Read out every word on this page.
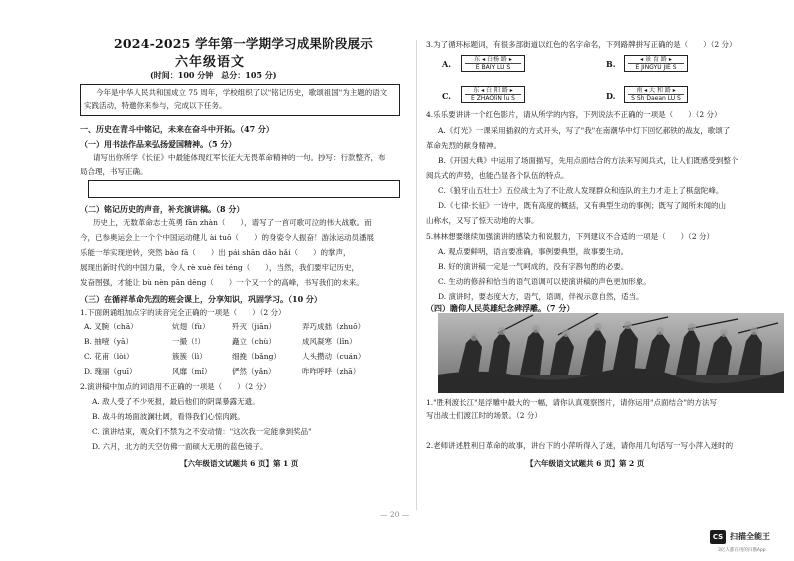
2024-2025 学年第一学期学习成果阶段展示
六年级语文
(时间：100 分钟　总分：105 分)
今年是中华人民共和国成立 75 周年，学校组织了以"铭记历史，歌颂祖国"为主题的语文
实践活动，特邀你来参与，完成以下任务。
一、历史在青斗中铭记，未来在奋斗中开拓。（47 分）
（一）用书法作品来弘扬爱国精神。（5 分）
请写出你所学《长征》中最能体现红军长征大无畏革命精神的一句。抄写：行款整齐，布
局合理，书写正确。
（二）铭记历史的声音，补充演讲稿。（8 分）
历史上，无数革命志士英勇 fān zhàn（　　），谱写了一首可歌可泣的伟大战歌。而
今，已参奥运会上一个个中国运动健儿 ài tuō（　　）的身姿令人振奋！游泳运动员潘展
乐能一举实现逆转，突然 bào fā（　　）出 pái shān dǎo hǎi（　　）的掌声，
展现出新时代的中国力量，令人 rè xuè fèi téng（　　），当然，我们要牢记历史，
发奋图强，才能让 bù nèn pān dēng（　　）一个又一个的高峰，书写我们的未来。
（三）在循祥革命先烈的班会课上，分享知识，巩固学习。（10 分）
1.下面朗诵组加点字的读音完全正确的一项是（　　）（2 分）
A. 叉腕（chā）	炕翅（fù）	歼灭（jiān）	弄巧成拙（zhuō）
B. 抽噎（yā）	一撮（!）	矗立（chù）	成风凝寒（lǐn）
C. 花甫（lòi）	簇簇（lì）	细挽（bǎng）	人头攒动（cuán）
D. 瑰丽（guī）	风靡（mǐ）	俨然（yǎn）	咋咋呼呼（zhā）
2.演讲稿中加点的词语用不正确的一项是（　　）（2 分）
A. 敌人受了不少死报，最后他们的阴谋暴露无遗。
B. 战斗的场面波澜壮阔，看得我们心惊肉跳。
C. 演讲结束，观众们不禁为之不安动情："这次我一定能拿到奖品"
D. 六月，北方的天空仿佛一面硕大无朋的蓝色镜子。
【六年级语文试题共 6 页】第 1 页
3.为了循环标题词，有很多部街道以红色的名字命名，下列路牌拼写正确的是（　　）（2 分）
A.	东 ◂ 白杨 路 ▸
E BAIY LU S	B.	◂ 景 育 路 ▸
E JINGYU JIE S
C.
东 ◂ 白 阳 路 ▸
E ZHAOliN lu S	D.
南 ◂ 大 和 路 ▸
S Sh Daean LU S
4.乐乐要讲讲一个红色影片，请从所学的内容，下列说法不正确的一项是（　　）（2 分）
A.《灯光》一课采用插叙的方式开头，写了"我"在南潮华中灯下回忆郝铁的战友，歌颂了
革命先烈的献身精神。
B.《开国大典》中运用了场面描写，先用点面结合的方法来写阅兵式，让人们既感受到整个
阅兵式的声势，也能凸显各个队伍的特点。
C.《狼牙山五壮士》五位战士为了不让敌人发现群众和连队的主力才走上了棋盘陀峰。
D.《七律·长征》一诗中，既有高度的概括，又有典型生动的事例；既写了闻所未闻的山
山称水，又写了惊天动地的大事。
5.林林想要继续加强演讲的感染力和说服力，下列建议不合适的一项是（　　）（2 分）
A. 观点要鲜明，语言要准确，事例要典型，故事要生动。
B. 好的演讲稿一定是一气呵成的，没有字斟句酌的必要。
C. 生动的修辞和恰当的语气语调可以使演讲稿的声色更加形象。
D. 演讲时，要态度大方，语气，语调，伴视示意自然，适当。
（四）瞻仰人民英雄纪念碑浮雕。（7 分）
1."胜利渡长江"是浮雕中最大的一幅，请你认真观察图片，请你运用"点面结合"的方法写
写出战士们渡江时的场景。（2 分）
2.老师讲述胜利日革命的故事，讲台下的小萍听得入了迷，请你用几句话写一写小萍入迷时的
【六年级语文试题共 6 页】第 2 页
— 20 —
CS 扫描全能王
3亿人都在用的扫描App
